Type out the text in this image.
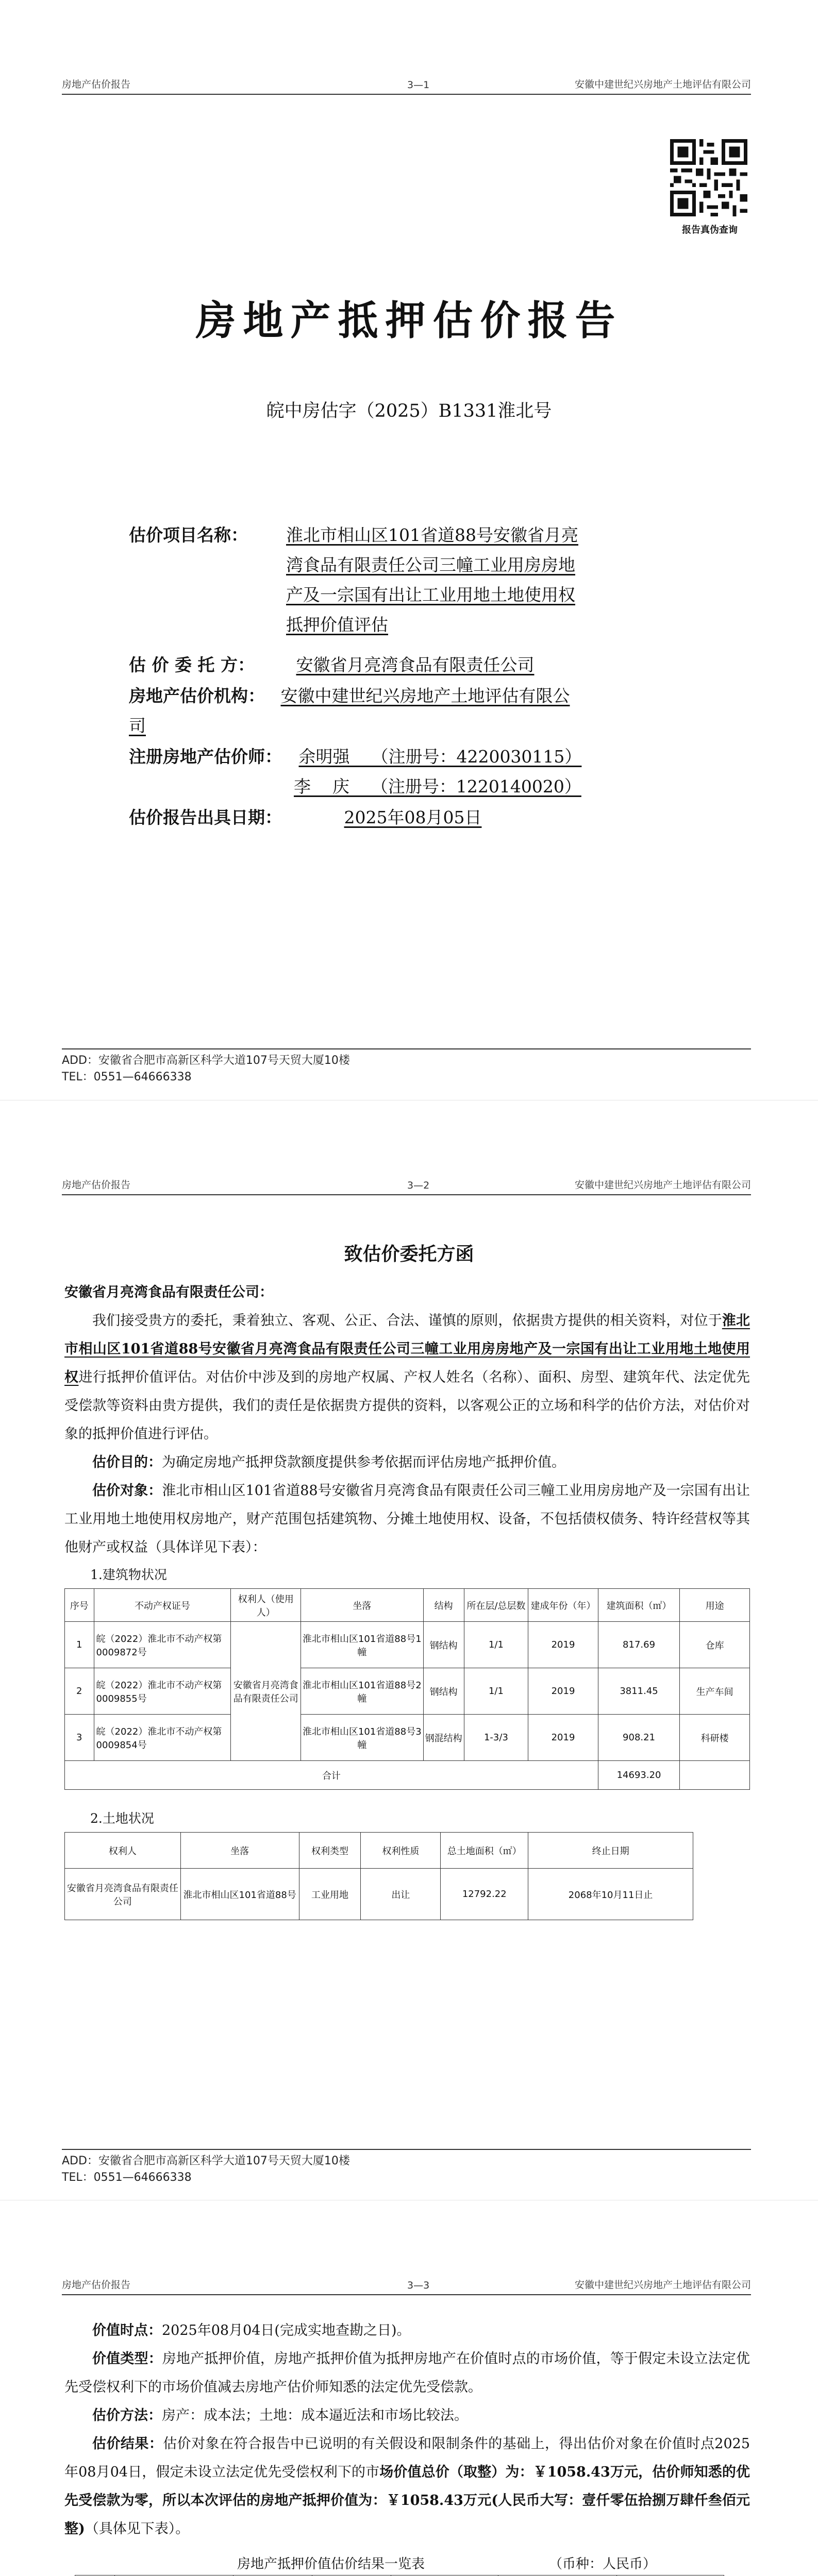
房地产估价报告	3—1	安徽中建世纪兴房地产土地评估有限公司
报告真伪查询
房地产抵押估价报告
皖中房估字（2025）B1331淮北号
估价项目名称：	淮北市相山区101省道88号安徽省月亮
湾食品有限责任公司三幢工业用房房地
产及一宗国有出让工业用地土地使用权
抵押价值评估
估 价 委 托 方： 安徽省月亮湾食品有限责任公司
房地产估价机构： 安徽中建世纪兴房地产土地评估有限公
司
注册房地产估价师： 余明强    （注册号：4220030115）
李    庆    （注册号：1220140020）
估价报告出具日期：	2025年08月05日
ADD：安徽省合肥市高新区科学大道107号天贸大厦10楼
TEL：0551—64666338
房地产估价报告	3—2	安徽中建世纪兴房地产土地评估有限公司
致估价委托方函
安徽省月亮湾食品有限责任公司：

我们接受贵方的委托，秉着独立、客观、公正、合法、谨慎的原则，依据贵方提供的相关资料，对位于淮北市相山区101省道88号安徽省月亮湾食品有限责任公司三幢工业用房房地产及一宗国有出让工业用地土地使用权进行抵押价值评估。对估价中涉及到的房地产权属、产权人姓名（名称）、面积、房型、建筑年代、法定优先受偿款等资料由贵方提供，我们的责任是依据贵方提供的资料，以客观公正的立场和科学的估价方法，对估价对象的抵押价值进行评估。

估价目的：为确定房地产抵押贷款额度提供参考依据而评估房地产抵押价值。

估价对象：淮北市相山区101省道88号安徽省月亮湾食品有限责任公司三幢工业用房房地产及一宗国有出让工业用地土地使用权房地产，财产范围包括建筑物、分摊土地使用权、设备，不包括债权债务、特许经营权等其他财产或权益（具体详见下表）：

1.建筑物状况
序号	不动产权证号	权利人（使用人）	坐落	结构	所在层/总层数	建成年份（年）	建筑面积（㎡）	用途
1	皖（2022）淮北市不动产权第0009872号	安徽省月亮湾食品有限责任公司	淮北市相山区101省道88号1幢	钢结构	1/1	2019	817.69	仓库
2	皖（2022）淮北市不动产权第0009855号		淮北市相山区101省道88号2幢	钢结构	1/1	2019	3811.45	生产车间
3	皖（2022）淮北市不动产权第0009854号		淮北市相山区101省道88号3幢	钢混结构	1-3/3	2019	908.21	科研楼
合计							14693.20	
2.土地状况
权利人	坐落	权利类型	权利性质	总土地面积（㎡）	终止日期
安徽省月亮湾食品有限责任公司	淮北市相山区101省道88号	工业用地	出让	12792.22	2068年10月11日止
ADD：安徽省合肥市高新区科学大道107号天贸大厦10楼
TEL：0551—64666338
房地产估价报告	3—3	安徽中建世纪兴房地产土地评估有限公司

价值时点：2025年08月04日(完成实地查勘之日)。

价值类型：房地产抵押价值，房地产抵押价值为抵押房地产在价值时点的市场价值，等于假定未设立法定优先受偿权利下的市场价值减去房地产估价师知悉的法定优先受偿款。

估价方法：房产：成本法；土地：成本逼近法和市场比较法。

估价结果：估价对象在符合报告中已说明的有关假设和限制条件的基础上，得出估价对象在价值时点2025年08月04日，假定未设立法定优先受偿权利下的市场价值总价（取整）为：￥1058.43万元，估价师知悉的优先受偿款为零，所以本次评估的房地产抵押价值为：￥1058.43万元(人民币大写：壹仟零伍拾捌万肆仟叁佰元整)（具体见下表）。

房地产抵押价值估价结果一览表	（币种：人民币）
